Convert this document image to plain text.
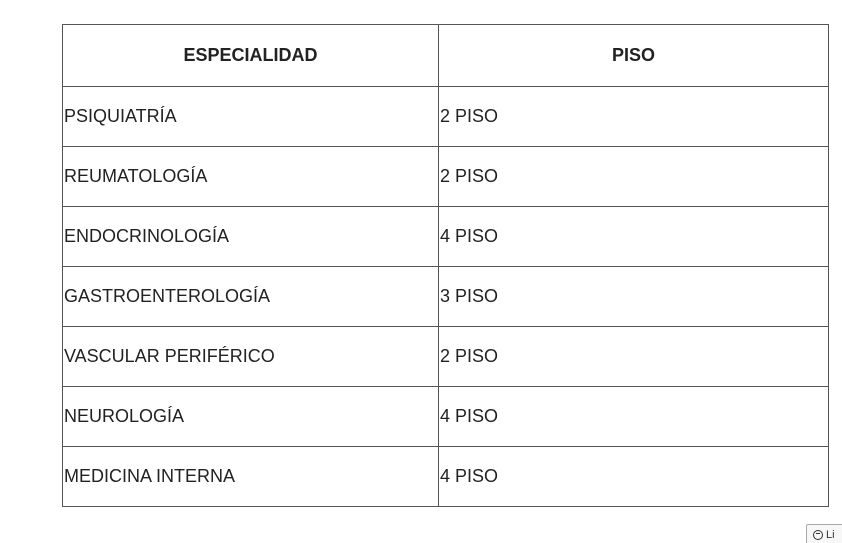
ESPECIALIDAD	PISO
PSIQUIATRÍA	2 PISO
REUMATOLOGÍA	2 PISO
ENDOCRINOLOGÍA	4 PISO
GASTROENTEROLOGÍA	3 PISO
VASCULAR PERIFÉRICO	2 PISO
NEUROLOGÍA	4 PISO
MEDICINA INTERNA	4 PISO
Li
